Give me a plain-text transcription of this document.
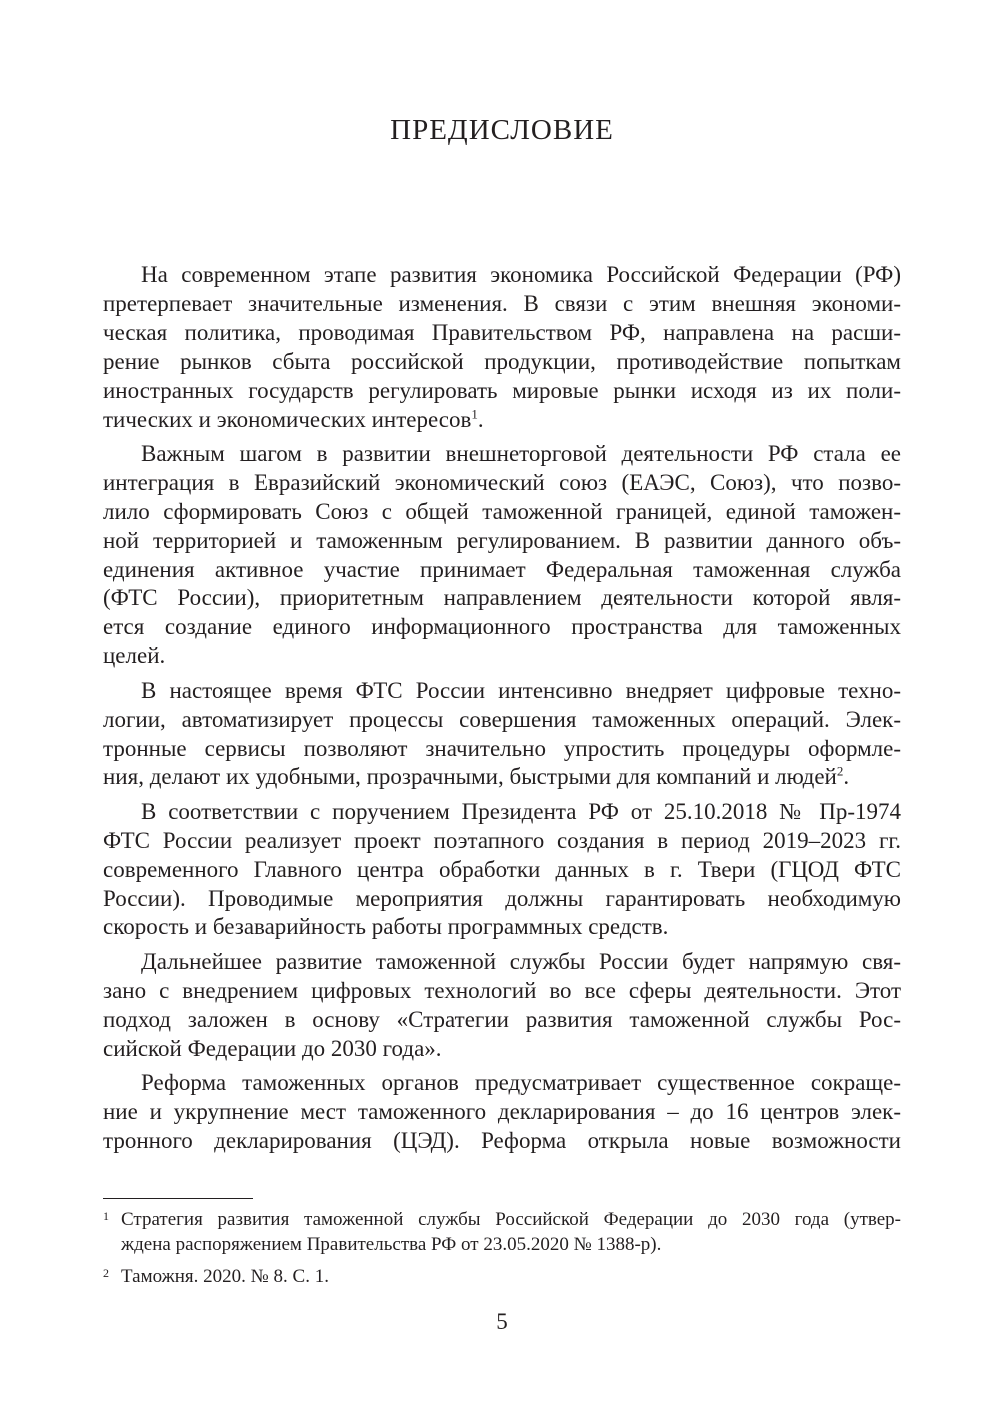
ПРЕДИСЛОВИЕ
На современном этапе развития экономика Российской Федерации (РФ)
претерпевает значительные изменения. В связи с этим внешняя экономи-
ческая политика, проводимая Правительством РФ, направлена на расши-
рение рынков сбыта российской продукции, противодействие попыткам
иностранных государств регулировать мировые рынки исходя из их поли-
тических и экономических интересов$^1$.
Важным шагом в развитии внешнеторговой деятельности РФ стала ее
интеграция в Евразийский экономический союз (ЕАЭС, Союз), что позво-
лило сформировать Союз с общей таможенной границей, единой таможен-
ной территорией и таможенным регулированием. В развитии данного объ-
единения активное участие принимает Федеральная таможенная служба
(ФТС России), приоритетным направлением деятельности которой явля-
ется создание единого информационного пространства для таможенных
целей.
В настоящее время ФТС России интенсивно внедряет цифровые техно-
логии, автоматизирует процессы совершения таможенных операций. Элек-
тронные сервисы позволяют значительно упростить процедуры оформле-
ния, делают их удобными, прозрачными, быстрыми для компаний и людей$^2$.
В соответствии с поручением Президента РФ от 25.10.2018 № Пр-1974
ФТС России реализует проект поэтапного создания в период 2019–2023 гг.
современного Главного центра обработки данных в г. Твери (ГЦОД ФТС
России). Проводимые мероприятия должны гарантировать необходимую
скорость и безаварийность работы программных средств.
Дальнейшее развитие таможенной службы России будет напрямую свя-
зано с внедрением цифровых технологий во все сферы деятельности. Этот
подход заложен в основу «Стратегии развития таможенной службы Рос-
сийской Федерации до 2030 года».
Реформа таможенных органов предусматривает существенное сокраще-
ние и укрупнение мест таможенного декларирования – до 16 центров элек-
тронного декларирования (ЦЭД). Реформа открыла новые возможности
1 Стратегия развития таможенной службы Российской Федерации до 2030 года (утвер-
ждена распоряжением Правительства РФ от 23.05.2020 № 1388-р).
2 Таможня. 2020. № 8. С. 1.
5
